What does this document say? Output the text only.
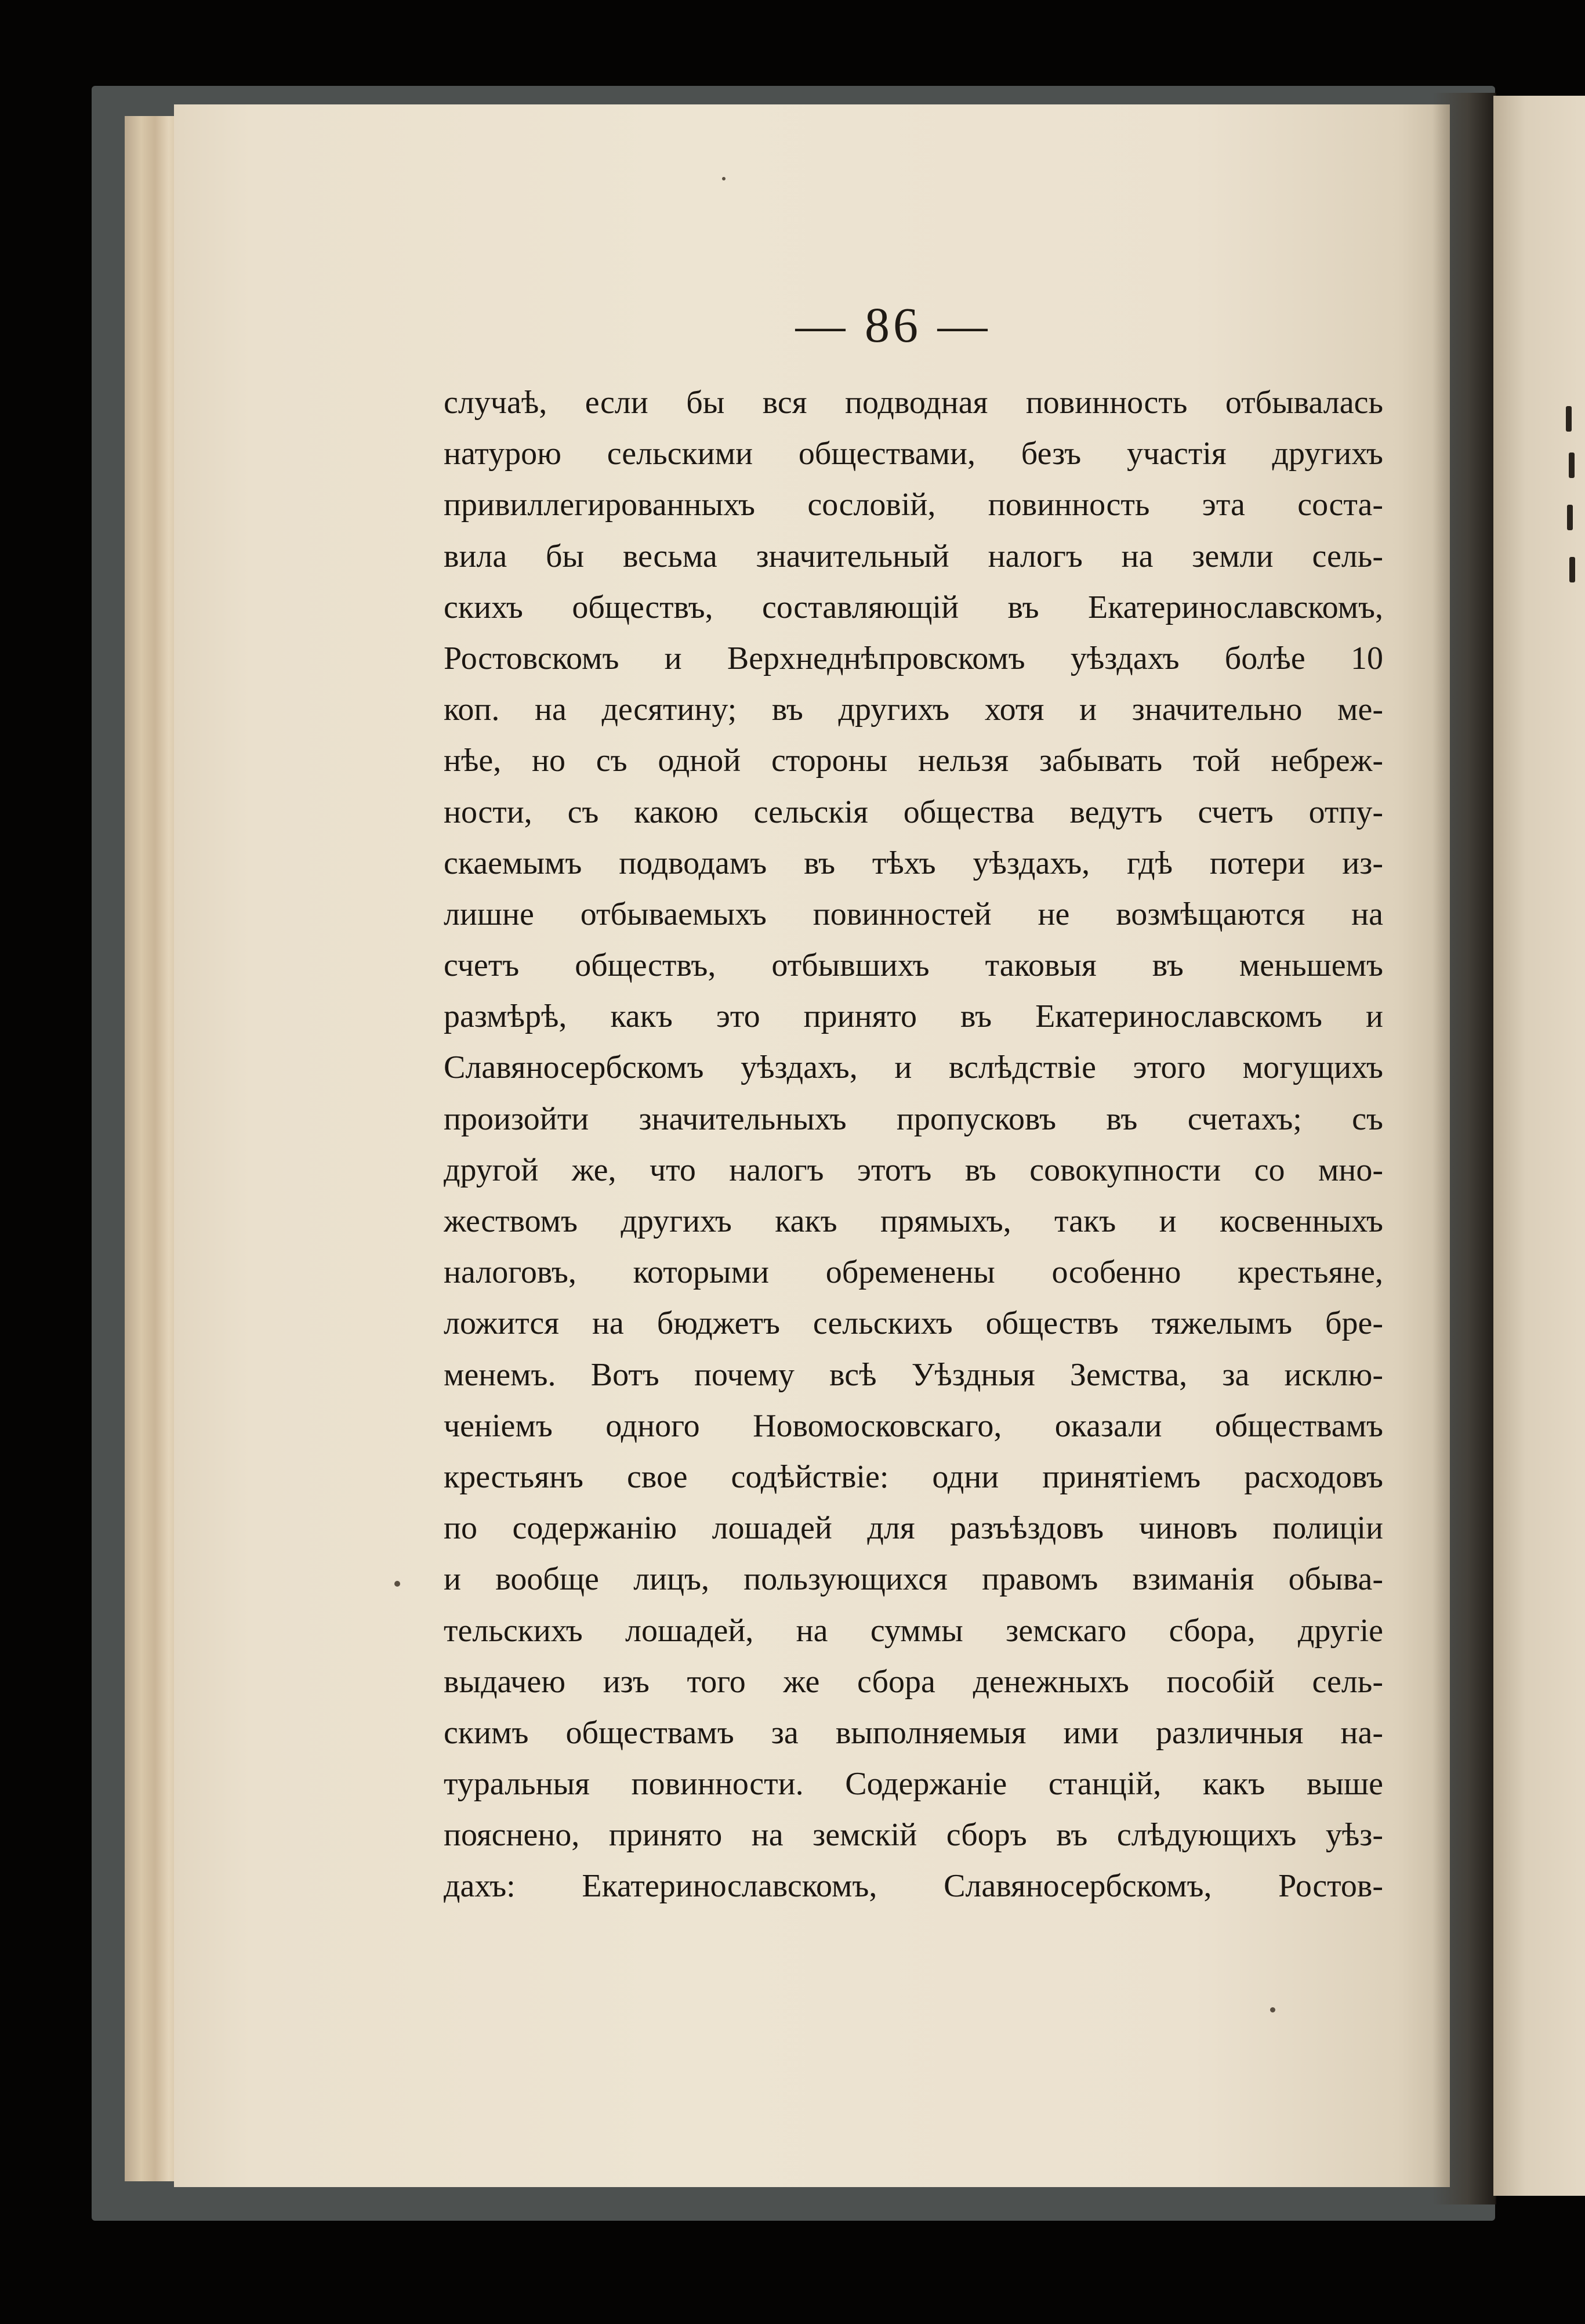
— 86 —
случаѣ, если бы вся подводная повинность отбывалась
натурою сельскими обществами, безъ участія другихъ
привиллегированныхъ сословій, повинность эта соста-
вила бы весьма значительный налогъ на земли сель-
скихъ обществъ, составляющій въ Екатеринославскомъ,
Ростовскомъ и Верхнеднѣпровскомъ уѣздахъ болѣе 10
коп. на десятину; въ другихъ хотя и значительно ме-
нѣе, но съ одной стороны нельзя забывать той небреж-
ности, съ какою сельскія общества ведутъ счетъ отпу-
скаемымъ подводамъ въ тѣхъ уѣздахъ, гдѣ потери из-
лишне отбываемыхъ повинностей не возмѣщаются на
счетъ обществъ, отбывшихъ таковыя въ меньшемъ
размѣрѣ, какъ это принято въ Екатеринославскомъ и
Славяносербскомъ уѣздахъ, и вслѣдствіе этого могущихъ
произойти значительныхъ пропусковъ въ счетахъ; съ
другой же, что налогъ этотъ въ совокупности со мно-
жествомъ другихъ какъ прямыхъ, такъ и косвенныхъ
налоговъ, которыми обременены особенно крестьяне,
ложится на бюджетъ сельскихъ обществъ тяжелымъ бре-
менемъ. Вотъ почему всѣ Уѣздныя Земства, за исклю-
ченіемъ одного Новомосковскаго, оказали обществамъ
крестьянъ свое содѣйствіе: одни принятіемъ расходовъ
по содержанію лошадей для разъѣздовъ чиновъ полиціи
и вообще лицъ, пользующихся правомъ взиманія обыва-
тельскихъ лошадей, на суммы земскаго сбора, другіе
выдачею изъ того же сбора денежныхъ пособій сель-
скимъ обществамъ за выполняемыя ими различныя на-
туральныя повинности. Содержаніе станцій, какъ выше
пояснено, принято на земскій сборъ въ слѣдующихъ уѣз-
дахъ: Екатеринославскомъ, Славяносербскомъ, Ростов-
